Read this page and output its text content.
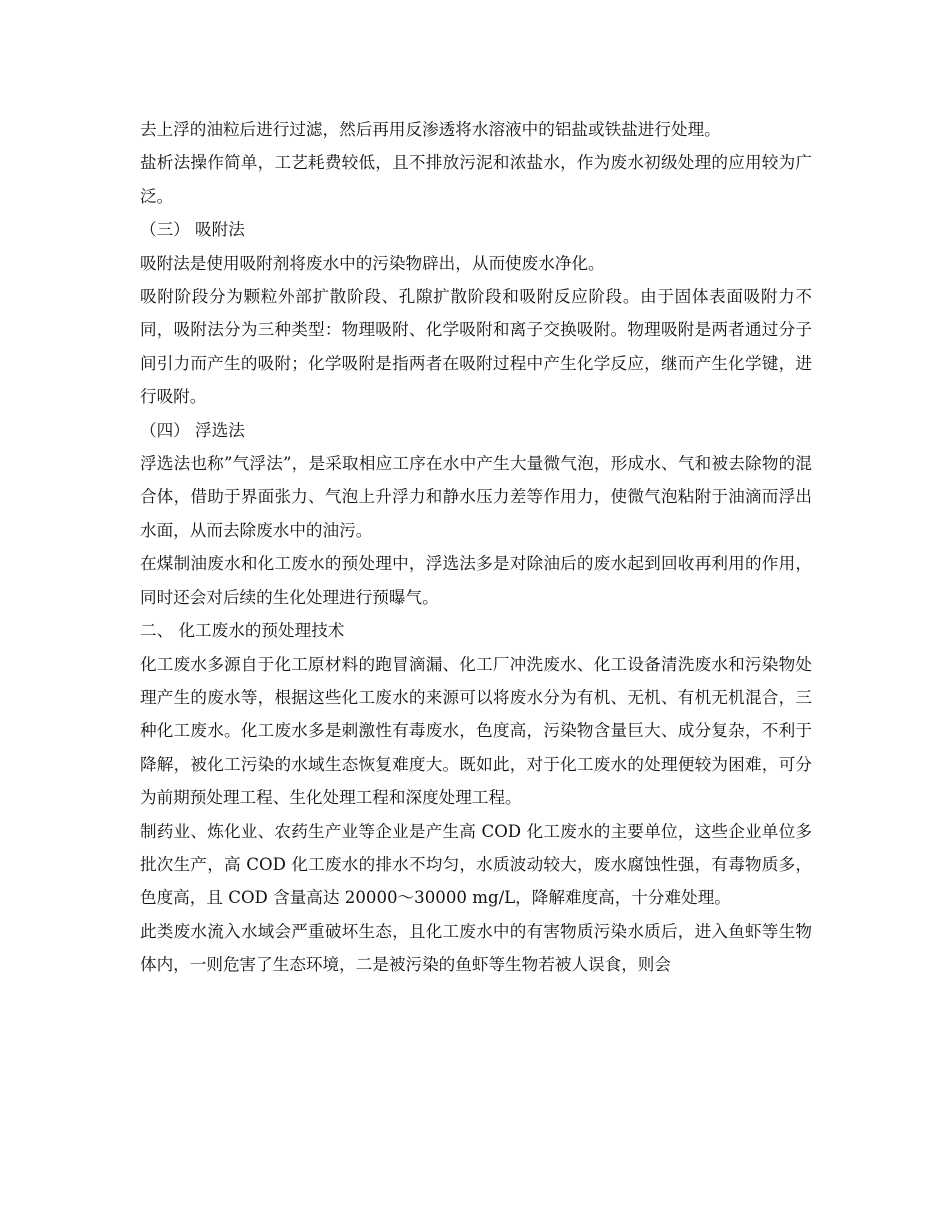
去上浮的油粒后进行过滤，然后再用反渗透将水溶液中的铝盐或铁盐进行处理。

盐析法操作简单，工艺耗费较低，且不排放污泥和浓盐水，作为废水初级处理的应用较为广泛。

（三） 吸附法

吸附法是使用吸附剂将废水中的污染物辟出，从而使废水净化。

吸附阶段分为颗粒外部扩散阶段、孔隙扩散阶段和吸附反应阶段。由于固体表面吸附力不同，吸附法分为三种类型：物理吸附、化学吸附和离子交换吸附。物理吸附是两者通过分子间引力而产生的吸附；化学吸附是指两者在吸附过程中产生化学反应，继而产生化学键，进行吸附。

（四） 浮选法

浮选法也称”气浮法”，是采取相应工序在水中产生大量微气泡，形成水、气和被去除物的混合体，借助于界面张力、气泡上升浮力和静水压力差等作用力，使微气泡粘附于油滴而浮出水面，从而去除废水中的油污。

在煤制油废水和化工废水的预处理中，浮选法多是对除油后的废水起到回收再利用的作用，同时还会对后续的生化处理进行预曝气。

二、 化工废水的预处理技术

化工废水多源自于化工原材料的跑冒滴漏、化工厂冲洗废水、化工设备清洗废水和污染物处理产生的废水等，根据这些化工废水的来源可以将废水分为有机、无机、有机无机混合，三种化工废水。化工废水多是刺激性有毒废水，色度高，污染物含量巨大、成分复杂，不利于降解，被化工污染的水域生态恢复难度大。既如此，对于化工废水的处理便较为困难，可分为前期预处理工程、生化处理工程和深度处理工程。

制药业、炼化业、农药生产业等企业是产生高 COD 化工废水的主要单位，这些企业单位多批次生产，高 COD 化工废水的排水不均匀，水质波动较大，废水腐蚀性强，有毒物质多，色度高，且 COD 含量高达 20000～30000 mg/L，降解难度高，十分难处理。

此类废水流入水域会严重破坏生态，且化工废水中的有害物质污染水质后，进入鱼虾等生物体内，一则危害了生态环境，二是被污染的鱼虾等生物若被人误食，则会
